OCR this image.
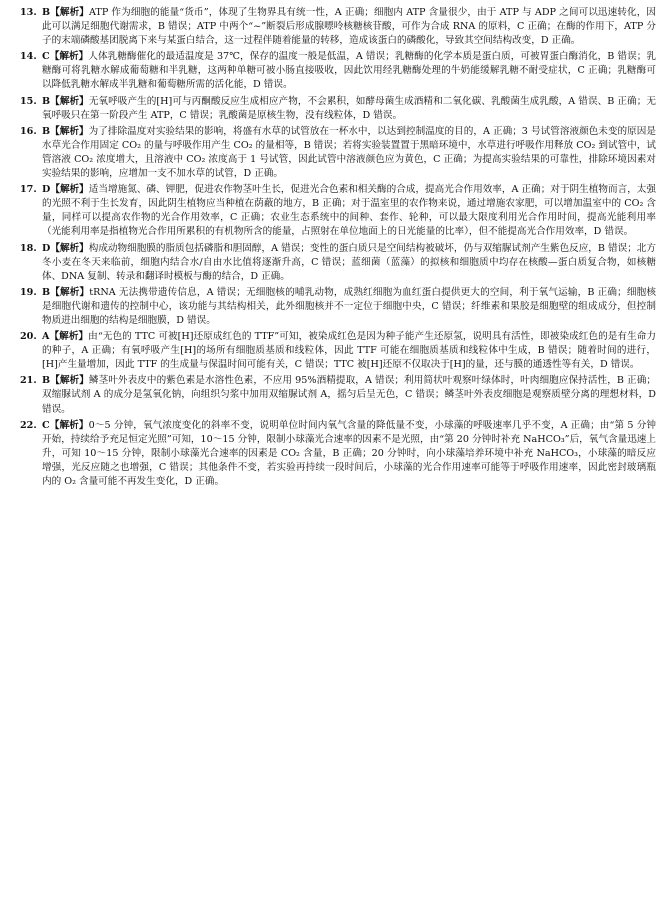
13. B【解析】ATP 作为细胞的能量“货币”，体现了生物界具有统一性，A 正确；细胞内 ATP 含量很少，由于 ATP 与 ADP 之间可以迅速转化，因此可以满足细胞代谢需求，B 错误；ATP 中两个“~”断裂后形成腺嘌呤核糖核苷酸，可作为合成 RNA 的原料，C 正确；在酶的作用下，ATP 分子的末端磷酸基团脱离下来与某蛋白结合，这一过程伴随着能量的转移，造成该蛋白的磷酸化，导致其空间结构改变，D 正确。
14. C【解析】人体乳糖酶催化的最适温度是 37℃，保存的温度一般是低温，A 错误；乳糖酶的化学本质是蛋白质，可被胃蛋白酶消化，B 错误；乳糖酶可将乳糖水解成葡萄糖和半乳糖，这两种单糖可被小肠直接吸收，因此饮用经乳糖酶处理的牛奶能缓解乳糖不耐受症状，C 正确；乳糖酶可以降低乳糖水解成半乳糖和葡萄糖所需的活化能，D 错误。
15. B【解析】无氧呼吸产生的[H]可与丙酮酸反应生成相应产物，不会累积，如酵母菌生成酒精和二氧化碳、乳酸菌生成乳酸，A 错误、B 正确；无氧呼吸只在第一阶段产生 ATP，C 错误；乳酸菌是原核生物，没有线粒体，D 错误。
16. B【解析】为了排除温度对实验结果的影响，将盛有水草的试管放在一杯水中，以达到控制温度的目的，A 正确；3 号试管溶液颜色未变的原因是水草光合作用固定 CO₂ 的量与呼吸作用产生 CO₂ 的量相等，B 错误；若将实验装置置于黑暗环境中，水草进行呼吸作用释放 CO₂ 到试管中，试管溶液 CO₂ 浓度增大，且溶液中 CO₂ 浓度高于 1 号试管，因此试管中溶液颜色应为黄色，C 正确；为提高实验结果的可靠性，排除环境因素对实验结果的影响，应增加一支不加水草的试管，D 正确。
17. D【解析】适当增施氮、磷、钾肥，促进农作物茎叶生长，促进光合色素和相关酶的合成，提高光合作用效率，A 正确；对于阴生植物而言，太强的光照不利于生长发育，因此阴生植物应当种植在荫蔽的地方，B 正确；对于温室里的农作物来说，通过增施农家肥，可以增加温室中的 CO₂ 含量，同样可以提高农作物的光合作用效率，C 正确；农业生态系统中的间种、套作、轮种，可以最大限度利用光合作用时间，提高光能利用率（光能利用率是指植物光合作用所累积的有机物所含的能量，占照射在单位地面上的日光能量的比率），但不能提高光合作用效率，D 错误。
18. D【解析】构成动物细胞膜的脂质包括磷脂和胆固醇，A 错误；变性的蛋白质只是空间结构被破坏，仍与双缩脲试剂产生紫色反应，B 错误；北方冬小麦在冬天来临前，细胞内结合水/自由水比值将逐渐升高，C 错误；蓝细菌（蓝藻）的拟核和细胞质中均存在核酸—蛋白质复合物，如核糖体、DNA 复制、转录和翻译时模板与酶的结合，D 正确。
19. B【解析】tRNA 无法携带遗传信息，A 错误；无细胞核的哺乳动物，成熟红细胞为血红蛋白提供更大的空间，利于氧气运输，B 正确；细胞核是细胞代谢和遗传的控制中心，该功能与其结构相关，此外细胞核并不一定位于细胞中央，C 错误；纤维素和果胶是细胞壁的组成成分，但控制物质进出细胞的结构是细胞膜，D 错误。
20. A【解析】由“无色的 TTC 可被[H]还原成红色的 TTF”可知，被染成红色是因为种子能产生还原氢，说明具有活性，即被染成红色的是有生命力的种子，A 正确；有氧呼吸产生[H]的场所有细胞质基质和线粒体，因此 TTF 可能在细胞质基质和线粒体中生成，B 错误；随着时间的进行，[H]产生量增加，因此 TTF 的生成量与保温时间可能有关，C 错误；TTC 被[H]还原不仅取决于[H]的量，还与膜的通透性等有关，D 错误。
21. B【解析】鳞茎叶外表皮中的紫色素是水溶性色素，不应用 95%酒精提取，A 错误；利用简状叶观察叶绿体时，叶肉细胞应保持活性，B 正确；双缩脲试剂 A 的成分是氢氧化钠，向组织匀浆中加用双缩脲试剂 A，摇匀后呈无色，C 错误；鳞茎叶外表皮细胞是观察质壁分离的理想材料，D 错误。
22. C【解析】0～5 分钟，氧气浓度变化的斜率不变，说明单位时间内氧气含量的降低量不变，小球藻的呼吸速率几乎不变，A 正确；由“第 5 分钟开始，持续给予充足恒定光照”可知，10～15 分钟，限制小球藻光合速率的因素不是光照，由“第 20 分钟时补充 NaHCO₃”后，氧气含量迅速上升，可知 10～15 分钟，限制小球藻光合速率的因素是 CO₂ 含量，B 正确；20 分钟时，向小球藻培养环境中补充 NaHCO₃，小球藻的暗反应增强，光反应随之也增强，C 错误；其他条件不变，若实验再持续一段时间后，小球藻的光合作用速率可能等于呼吸作用速率，因此密封玻璃瓶内的 O₂ 含量可能不再发生变化，D 正确。
